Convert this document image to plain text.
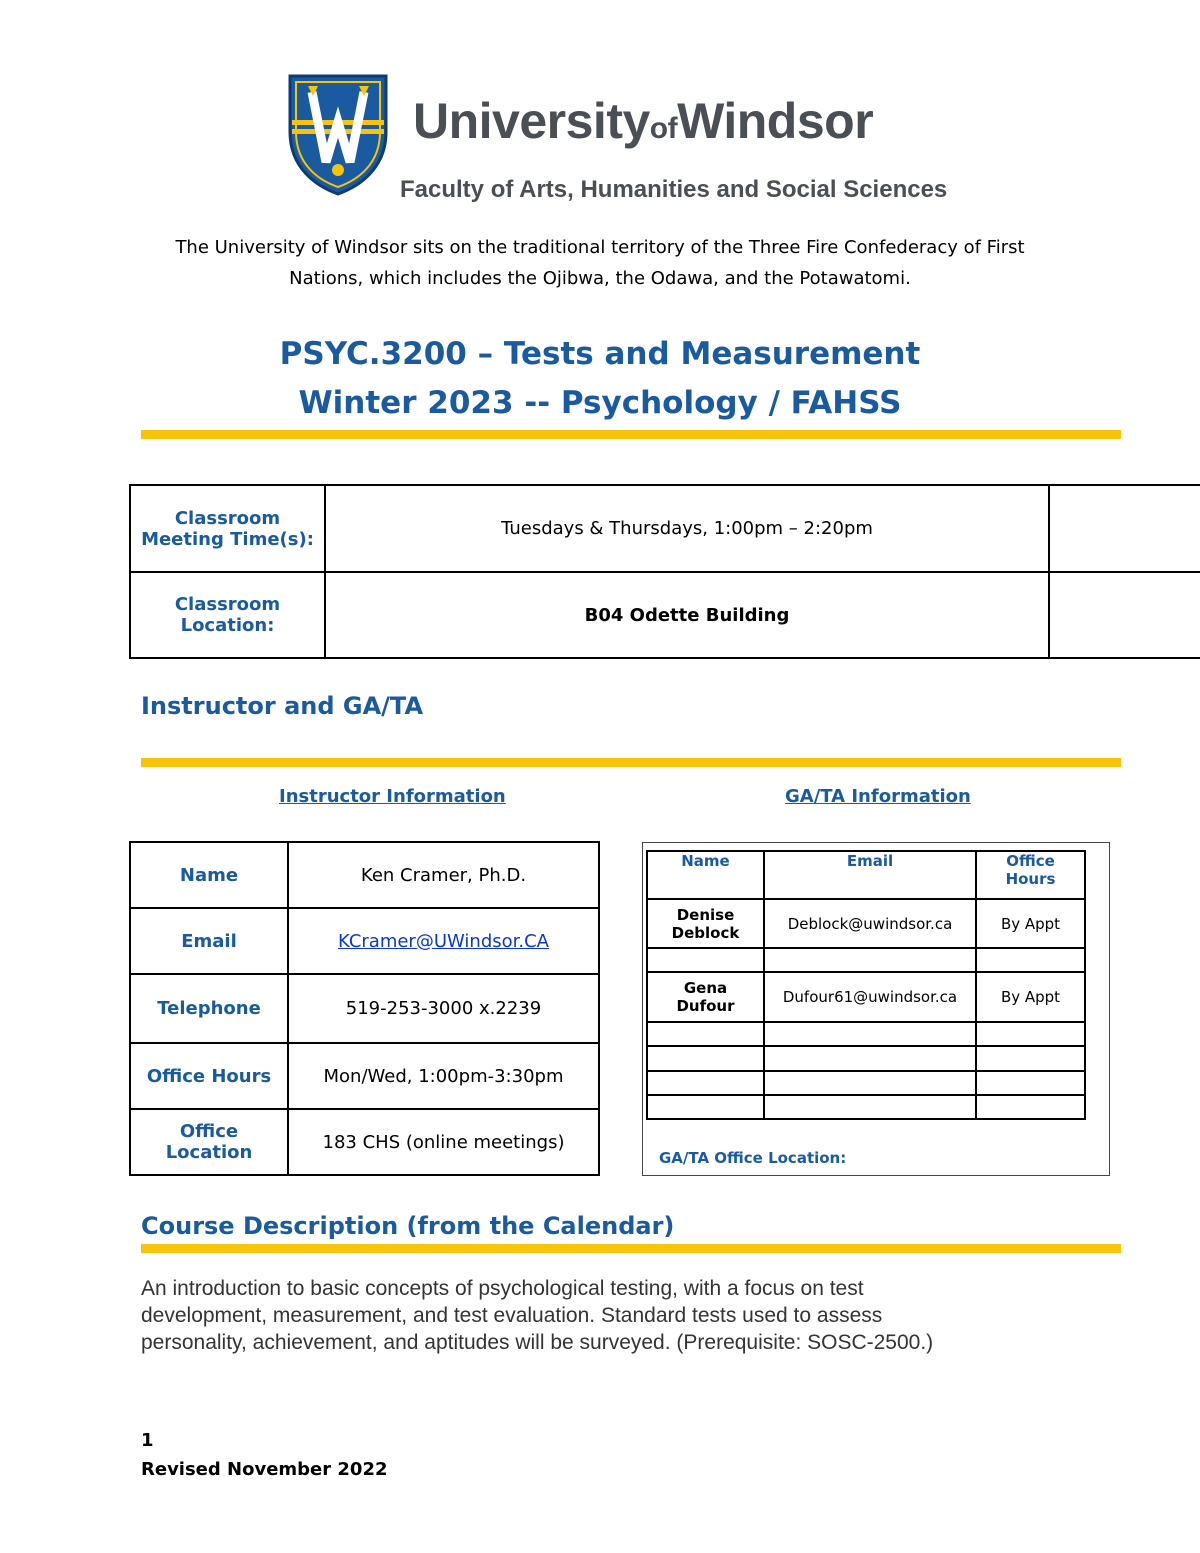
UniversityofWindsor
Faculty of Arts, Humanities and Social Sciences
The University of Windsor sits on the traditional territory of the Three Fire Confederacy of First
Nations, which includes the Ojibwa, the Odawa, and the Potawatomi.
PSYC.3200 – Tests and Measurement
Winter 2023 -- Psychology / FAHSS
Classroom
Meeting Time(s):	Tuesdays & Thursdays, 1:00pm – 2:20pm	
Classroom
Location:	B04 Odette Building	
Instructor and GA/TA
Instructor Information	GA/TA Information
Name	Ken Cramer, Ph.D.
Email	KCramer@UWindsor.CA
Telephone	519-253-3000 x.2239
Office Hours	Mon/Wed, 1:00pm-3:30pm
Office
Location	183 CHS (online meetings)
Name	Email	Office
Hours
Denise
Deblock	Deblock@uwindsor.ca	By Appt

Gena
Dufour	Dufour61@uwindsor.ca	By Appt

GA/TA Office Location:
Course Description (from the Calendar)
An introduction to basic concepts of psychological testing, with a focus on test
development, measurement, and test evaluation. Standard tests used to assess
personality, achievement, and aptitudes will be surveyed. (Prerequisite: SOSC-2500.)
1
Revised November 2022
